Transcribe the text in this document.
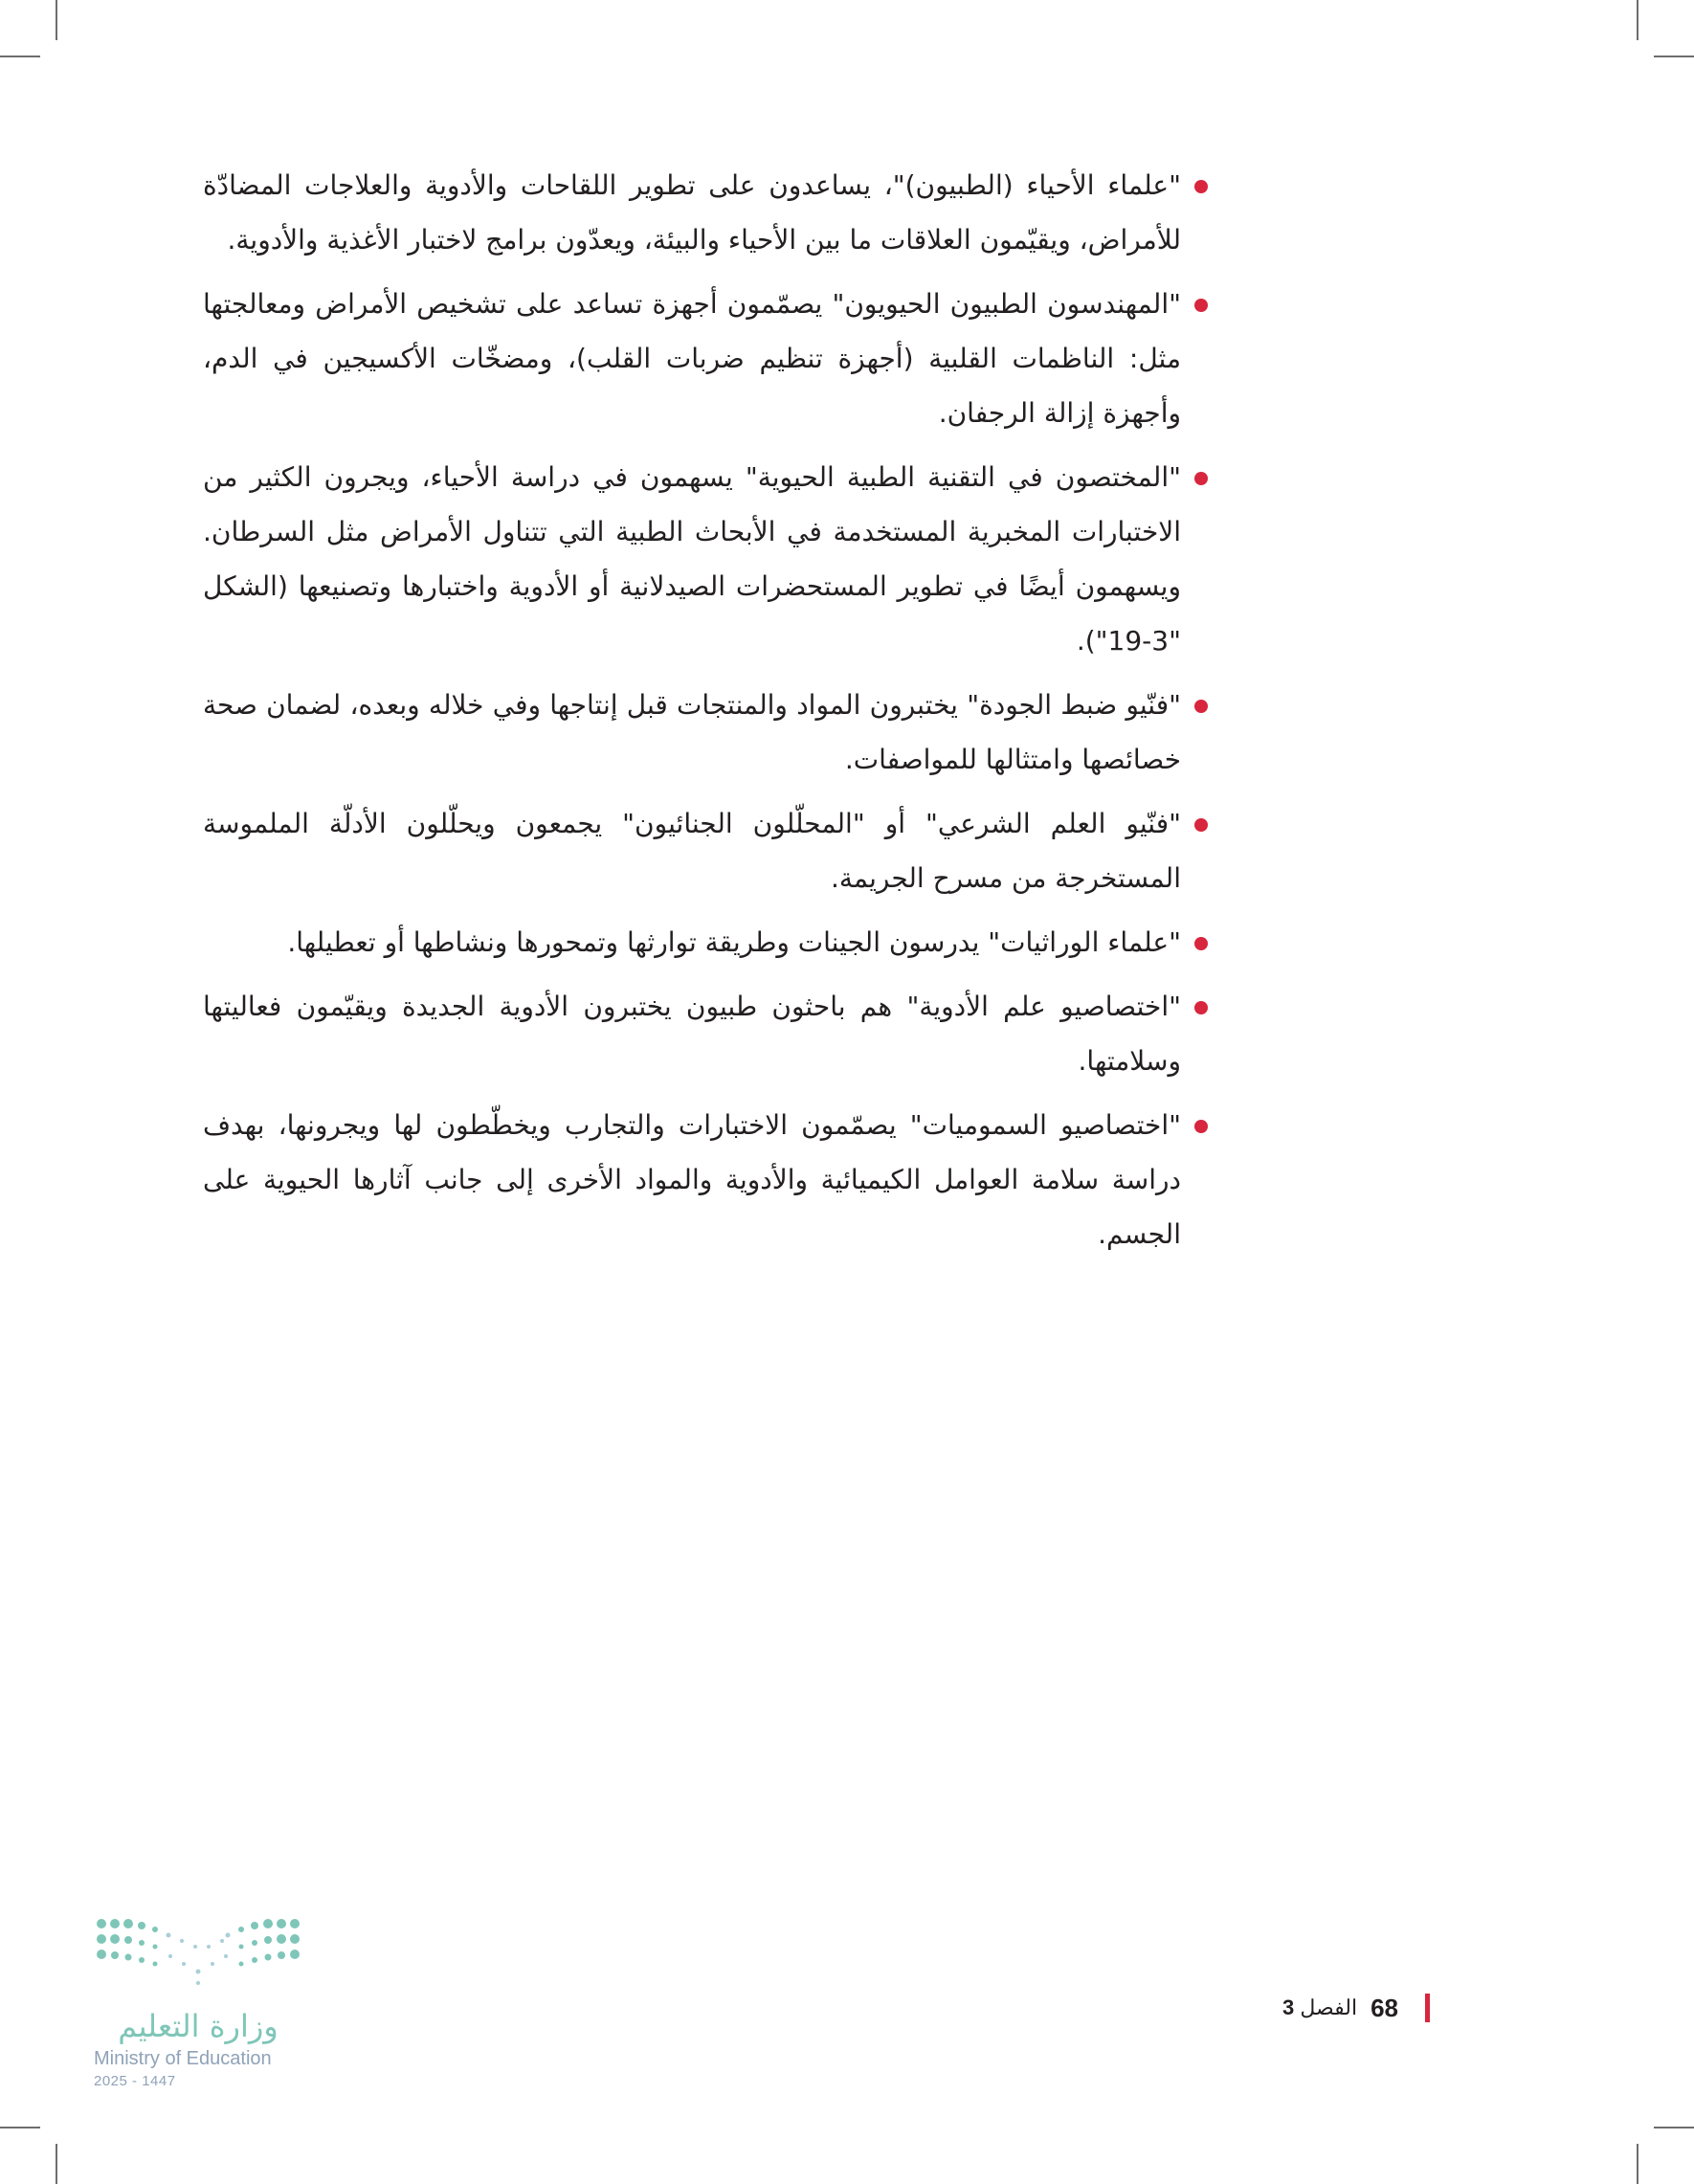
"علماء الأحياء (الطبيون)"، يساعدون على تطوير اللقاحات والأدوية والعلاجات المضادّة للأمراض، ويقيّمون العلاقات ما بين الأحياء والبيئة، ويعدّون برامج لاختبار الأغذية والأدوية.
"المهندسون الطبيون الحيويون" يصمّمون أجهزة تساعد على تشخيص الأمراض ومعالجتها مثل: الناظمات القلبية (أجهزة تنظيم ضربات القلب)، ومضخّات الأكسيجين في الدم، وأجهزة إزالة الرجفان.
"المختصون في التقنية الطبية الحيوية" يسهمون في دراسة الأحياء، ويجرون الكثير من الاختبارات المخبرية المستخدمة في الأبحاث الطبية التي تتناول الأمراض مثل السرطان. ويسهمون أيضًا في تطوير المستحضرات الصيدلانية أو الأدوية واختبارها وتصنيعها (الشكل "3-19").
"فنّيو ضبط الجودة" يختبرون المواد والمنتجات قبل إنتاجها وفي خلاله وبعده، لضمان صحة خصائصها وامتثالها للمواصفات.
"فنّيو العلم الشرعي" أو "المحلّلون الجنائيون" يجمعون ويحلّلون الأدلّة الملموسة المستخرجة من مسرح الجريمة.
"علماء الوراثيات" يدرسون الجينات وطريقة توارثها وتمحورها ونشاطها أو تعطيلها.
"اختصاصيو علم الأدوية" هم باحثون طبيون يختبرون الأدوية الجديدة ويقيّمون فعاليتها وسلامتها.
"اختصاصيو السموميات" يصمّمون الاختبارات والتجارب ويخطّطون لها ويجرونها، بهدف دراسة سلامة العوامل الكيميائية والأدوية والمواد الأخرى إلى جانب آثارها الحيوية على الجسم.
الفصل 3	68
وزارة التعليم
Ministry of Education
2025 - 1447
